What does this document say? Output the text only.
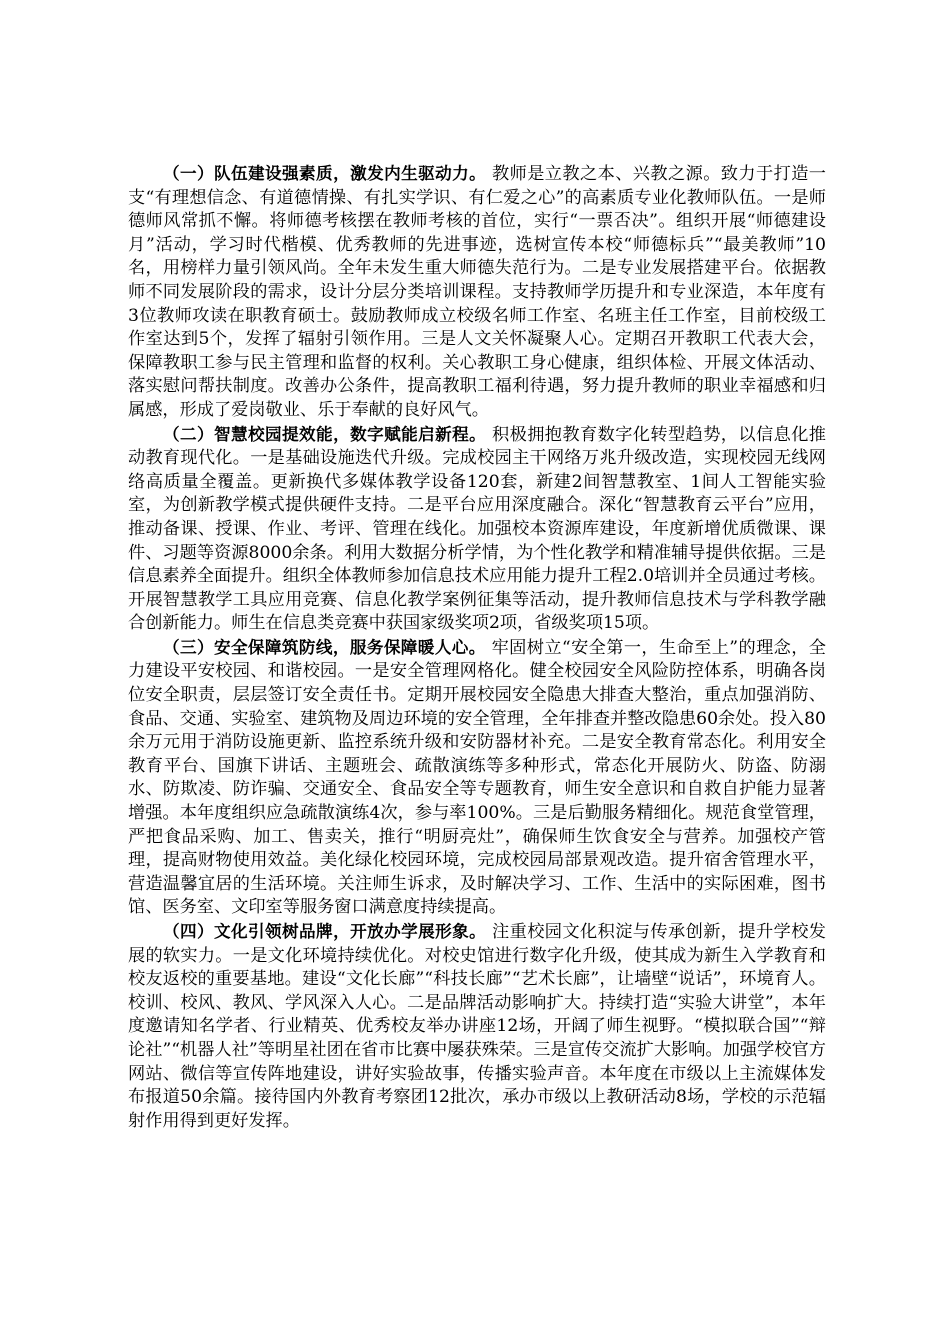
（一）队伍建设强素质，激发内生驱动力。 教师是立教之本、兴教之源。致力于打造一支“有理想信念、有道德情操、有扎实学识、有仁爱之心”的高素质专业化教师队伍。一是师德师风常抓不懈。将师德考核摆在教师考核的首位，实行“一票否决”。组织开展“师德建设月”活动，学习时代楷模、优秀教师的先进事迹，选树宣传本校“师德标兵”“最美教师”10名，用榜样力量引领风尚。全年未发生重大师德失范行为。二是专业发展搭建平台。依据教师不同发展阶段的需求，设计分层分类培训课程。支持教师学历提升和专业深造，本年度有3位教师攻读在职教育硕士。鼓励教师成立校级名师工作室、名班主任工作室，目前校级工作室达到5个，发挥了辐射引领作用。三是人文关怀凝聚人心。定期召开教职工代表大会，保障教职工参与民主管理和监督的权利。关心教职工身心健康，组织体检、开展文体活动、落实慰问帮扶制度。改善办公条件，提高教职工福利待遇，努力提升教师的职业幸福感和归属感，形成了爱岗敬业、乐于奉献的良好风气。

（二）智慧校园提效能，数字赋能启新程。 积极拥抱教育数字化转型趋势，以信息化推动教育现代化。一是基础设施迭代升级。完成校园主干网络万兆升级改造，实现校园无线网络高质量全覆盖。更新换代多媒体教学设备120套，新建2间智慧教室、1间人工智能实验室，为创新教学模式提供硬件支持。二是平台应用深度融合。深化“智慧教育云平台”应用，推动备课、授课、作业、考评、管理在线化。加强校本资源库建设，年度新增优质微课、课件、习题等资源8000余条。利用大数据分析学情，为个性化教学和精准辅导提供依据。三是信息素养全面提升。组织全体教师参加信息技术应用能力提升工程2.0培训并全员通过考核。开展智慧教学工具应用竞赛、信息化教学案例征集等活动，提升教师信息技术与学科教学融合创新能力。师生在信息类竞赛中获国家级奖项2项，省级奖项15项。

（三）安全保障筑防线，服务保障暖人心。 牢固树立“安全第一，生命至上”的理念，全力建设平安校园、和谐校园。一是安全管理网格化。健全校园安全风险防控体系，明确各岗位安全职责，层层签订安全责任书。定期开展校园安全隐患大排查大整治，重点加强消防、食品、交通、实验室、建筑物及周边环境的安全管理，全年排查并整改隐患60余处。投入80余万元用于消防设施更新、监控系统升级和安防器材补充。二是安全教育常态化。利用安全教育平台、国旗下讲话、主题班会、疏散演练等多种形式，常态化开展防火、防盗、防溺水、防欺凌、防诈骗、交通安全、食品安全等专题教育，师生安全意识和自救自护能力显著增强。本年度组织应急疏散演练4次，参与率100%。三是后勤服务精细化。规范食堂管理，严把食品采购、加工、售卖关，推行“明厨亮灶”，确保师生饮食安全与营养。加强校产管理，提高财物使用效益。美化绿化校园环境，完成校园局部景观改造。提升宿舍管理水平，营造温馨宜居的生活环境。关注师生诉求，及时解决学习、工作、生活中的实际困难，图书馆、医务室、文印室等服务窗口满意度持续提高。

（四）文化引领树品牌，开放办学展形象。 注重校园文化积淀与传承创新，提升学校发展的软实力。一是文化环境持续优化。对校史馆进行数字化升级，使其成为新生入学教育和校友返校的重要基地。建设“文化长廊”“科技长廊”“艺术长廊”，让墙壁“说话”，环境育人。校训、校风、教风、学风深入人心。二是品牌活动影响扩大。持续打造“实验大讲堂”，本年度邀请知名学者、行业精英、优秀校友举办讲座12场，开阔了师生视野。“模拟联合国”“辩论社”“机器人社”等明星社团在省市比赛中屡获殊荣。三是宣传交流扩大影响。加强学校官方网站、微信等宣传阵地建设，讲好实验故事，传播实验声音。本年度在市级以上主流媒体发布报道50余篇。接待国内外教育考察团12批次，承办市级以上教研活动8场，学校的示范辐射作用得到更好发挥。
